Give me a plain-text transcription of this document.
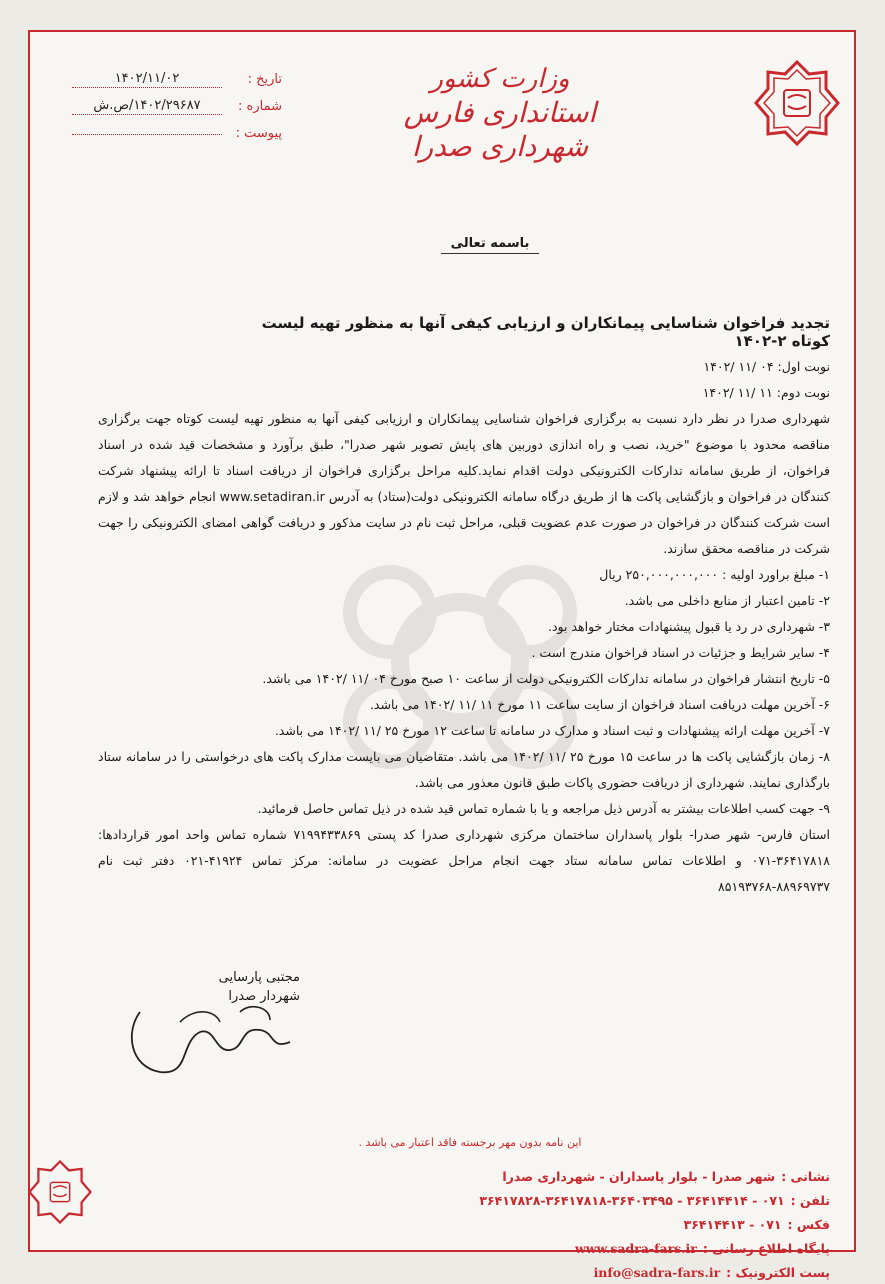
وزارت کشور
استانداری فارس
شهرداری صدرا
تاریخ :
۱۴۰۲/۱۱/۰۲
شماره :
۱۴۰۲/۲۹۶۸۷/ص.ش
پیوست :
باسمه تعالی
تجدید فراخوان شناسایی پیمانکاران و ارزیابی کیفی آنها به منظور تهیه لیست کوتاه ۲-۱۴۰۲

نوبت اول: ۰۴ /۱۱ /۱۴۰۲

نوبت دوم: ۱۱ /۱۱ /۱۴۰۲

شهرداری صدرا در نظر دارد نسبت به برگزاری فراخوان شناسایی پیمانکاران و ارزیابی کیفی آنها به منظور تهیه لیست کوتاه جهت برگزاری مناقصه محدود با موضوع "خرید، نصب و راه اندازی دوربین های پایش تصویر شهر صدرا"، طبق برآورد و مشخصات قید شده در اسناد فراخوان، از طریق سامانه تدارکات الکترونیکی دولت اقدام نماید.کلیه مراحل برگزاری فراخوان از دریافت اسناد تا ارائه پیشنهاد شرکت کنندگان در فراخوان و بازگشایی پاکت ها از طریق درگاه سامانه الکترونیکی دولت(ستاد) به آدرس www.setadiran.ir انجام خواهد شد و لازم است شرکت کنندگان در فراخوان در صورت عدم عضویت قبلی، مراحل ثبت نام در سایت مذکور و دریافت گواهی امضای الکترونیکی را جهت شرکت در مناقصه محقق سازند.

۱- مبلغ براورد اولیه : ۲۵۰,۰۰۰,۰۰۰,۰۰۰ ریال

۲- تامین اعتبار از منابع داخلی می باشد.

۳- شهرداری در رد یا قبول پیشنهادات مختار خواهد بود.

۴- سایر شرایط و جزئیات در اسناد فراخوان مندرج است .

۵- تاریخ انتشار فراخوان در سامانه تدارکات الکترونیکی دولت از ساعت ۱۰ صبح مورخ ۰۴ /۱۱ /۱۴۰۲ می باشد.

۶- آخرین مهلت دریافت اسناد فراخوان از سایت ساعت ۱۱ مورخ ۱۱ /۱۱ /۱۴۰۲ می باشد.

۷- آخرین مهلت ارائه پیشنهادات و ثبت اسناد و مدارک در سامانه تا ساعت ۱۲ مورخ ۲۵ /۱۱ /۱۴۰۲ می باشد.

۸- زمان بازگشایی پاکت ها در ساعت ۱۵ مورخ ۲۵ /۱۱ /۱۴۰۲ می باشد. متقاضیان می بایست مدارک پاکت های درخواستی را در سامانه ستاد بارگذاری نمایند. شهرداری از دریافت حضوری پاکات طبق قانون معذور می باشد.

۹- جهت کسب اطلاعات بیشتر به آدرس ذیل مراجعه و یا با شماره تماس قید شده در ذیل تماس حاصل فرمائید.

استان فارس- شهر صدرا- بلوار پاسداران ساختمان مرکزی شهرداری صدرا کد پستی ۷۱۹۹۴۳۳۸۶۹ شماره تماس واحد امور قراردادها: ۳۶۴۱۷۸۱۸-۰۷۱ و اطلاعات تماس سامانه ستاد جهت انجام مراحل عضویت در سامانه: مرکز تماس ۴۱۹۲۴-۰۲۱ دفتر ثبت نام ۸۸۹۶۹۷۳۷-۸۵۱۹۳۷۶۸

مجتبی پارسایی
شهردار صدرا
این نامه بدون مهر برجسته فاقد اعتبار می باشد .
نشانی :
شهر صدرا - بلوار پاسداران - شهرداری صدرا
تلفن :
۰۷۱ - ۳۶۴۱۴۴۱۴ - ۳۶۴۱۷۸۲۸-۳۶۴۱۷۸۱۸-۳۶۴۰۳۴۹۵
فکس :
۰۷۱ - ۳۶۴۱۴۴۱۳
پایگاه اطلاع رسانی :
www.sadra-fars.ir
پست الکترونیک :
info@sadra-fars.ir
